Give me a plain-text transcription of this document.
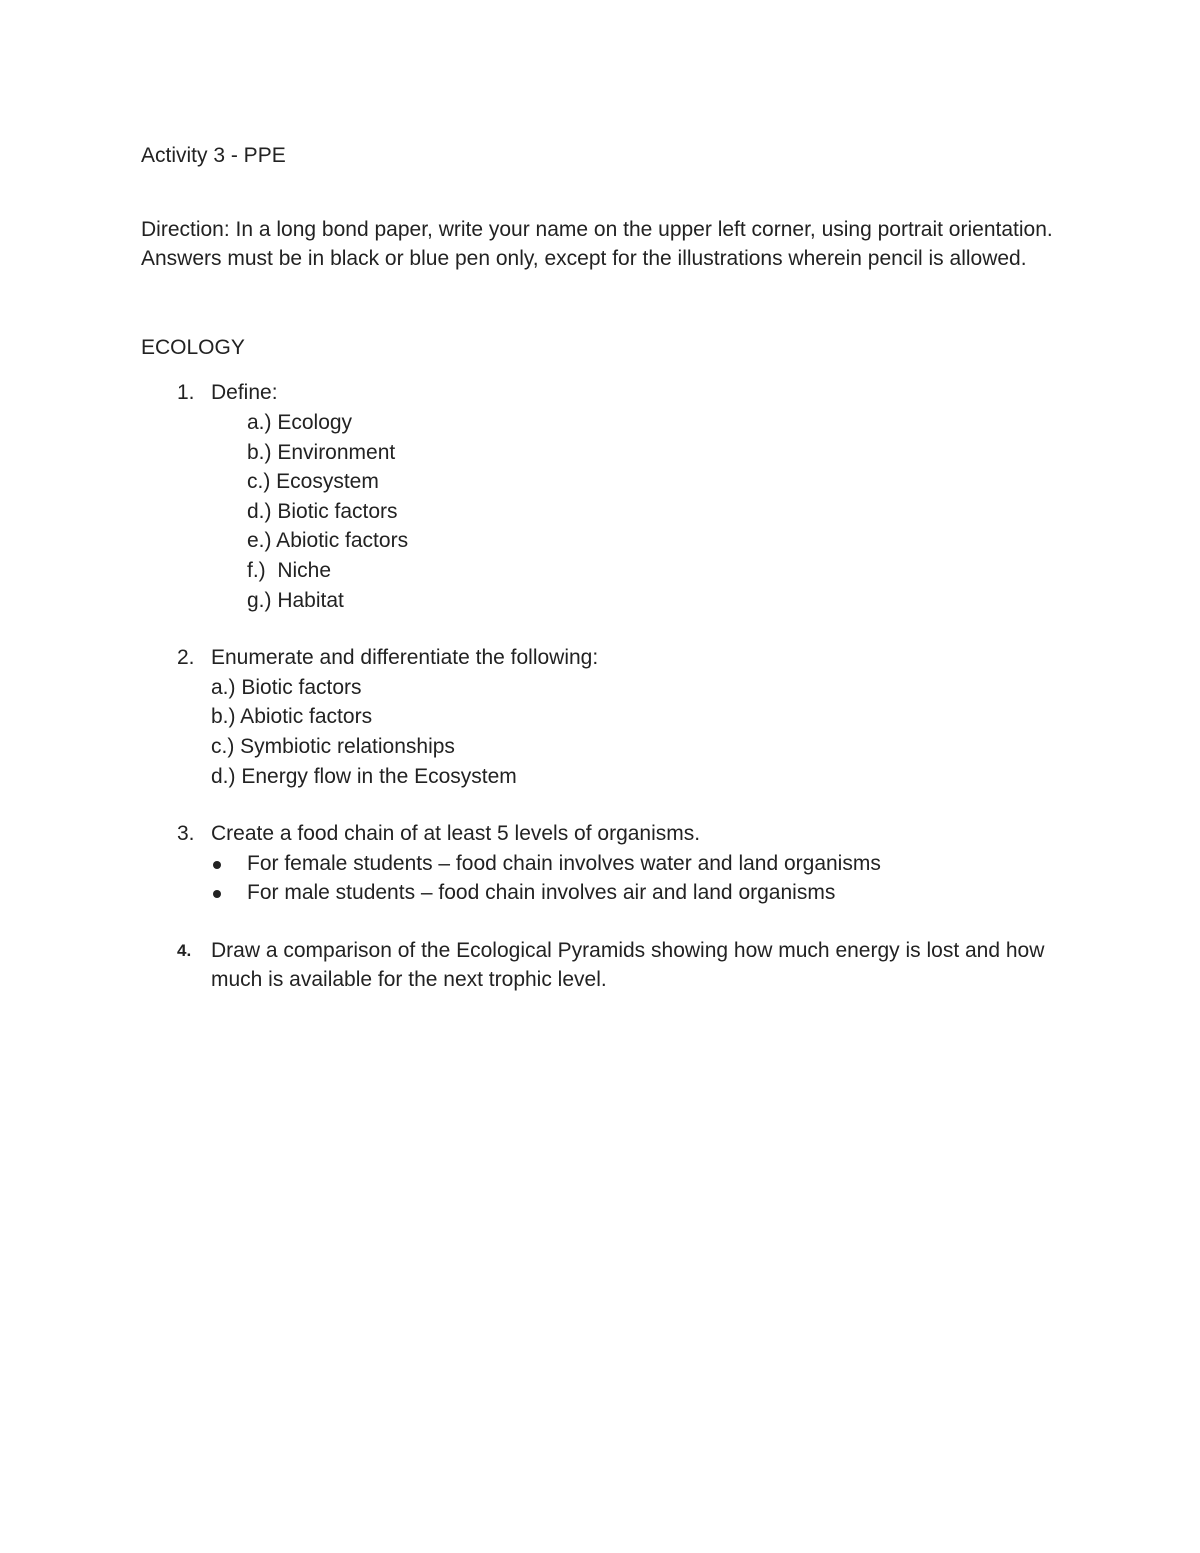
Activity 3 - PPE

Direction: In a long bond paper, write your name on the upper left corner, using portrait orientation.

Answers must be in black or blue pen only, except for the illustrations wherein pencil is allowed.

ECOLOGY
1. Define:
a.) Ecology
b.) Environment
c.) Ecosystem
d.) Biotic factors
e.) Abiotic factors
f.)  Niche
g.) Habitat
2. Enumerate and differentiate the following:
a.) Biotic factors
b.) Abiotic factors
c.) Symbiotic relationships
d.) Energy flow in the Ecosystem
3. Create a food chain of at least 5 levels of organisms.
For female students – food chain involves water and land organisms
For male students – food chain involves air and land organisms
4. Draw a comparison of the Ecological Pyramids showing how much energy is lost and how much is available for the next trophic level.
